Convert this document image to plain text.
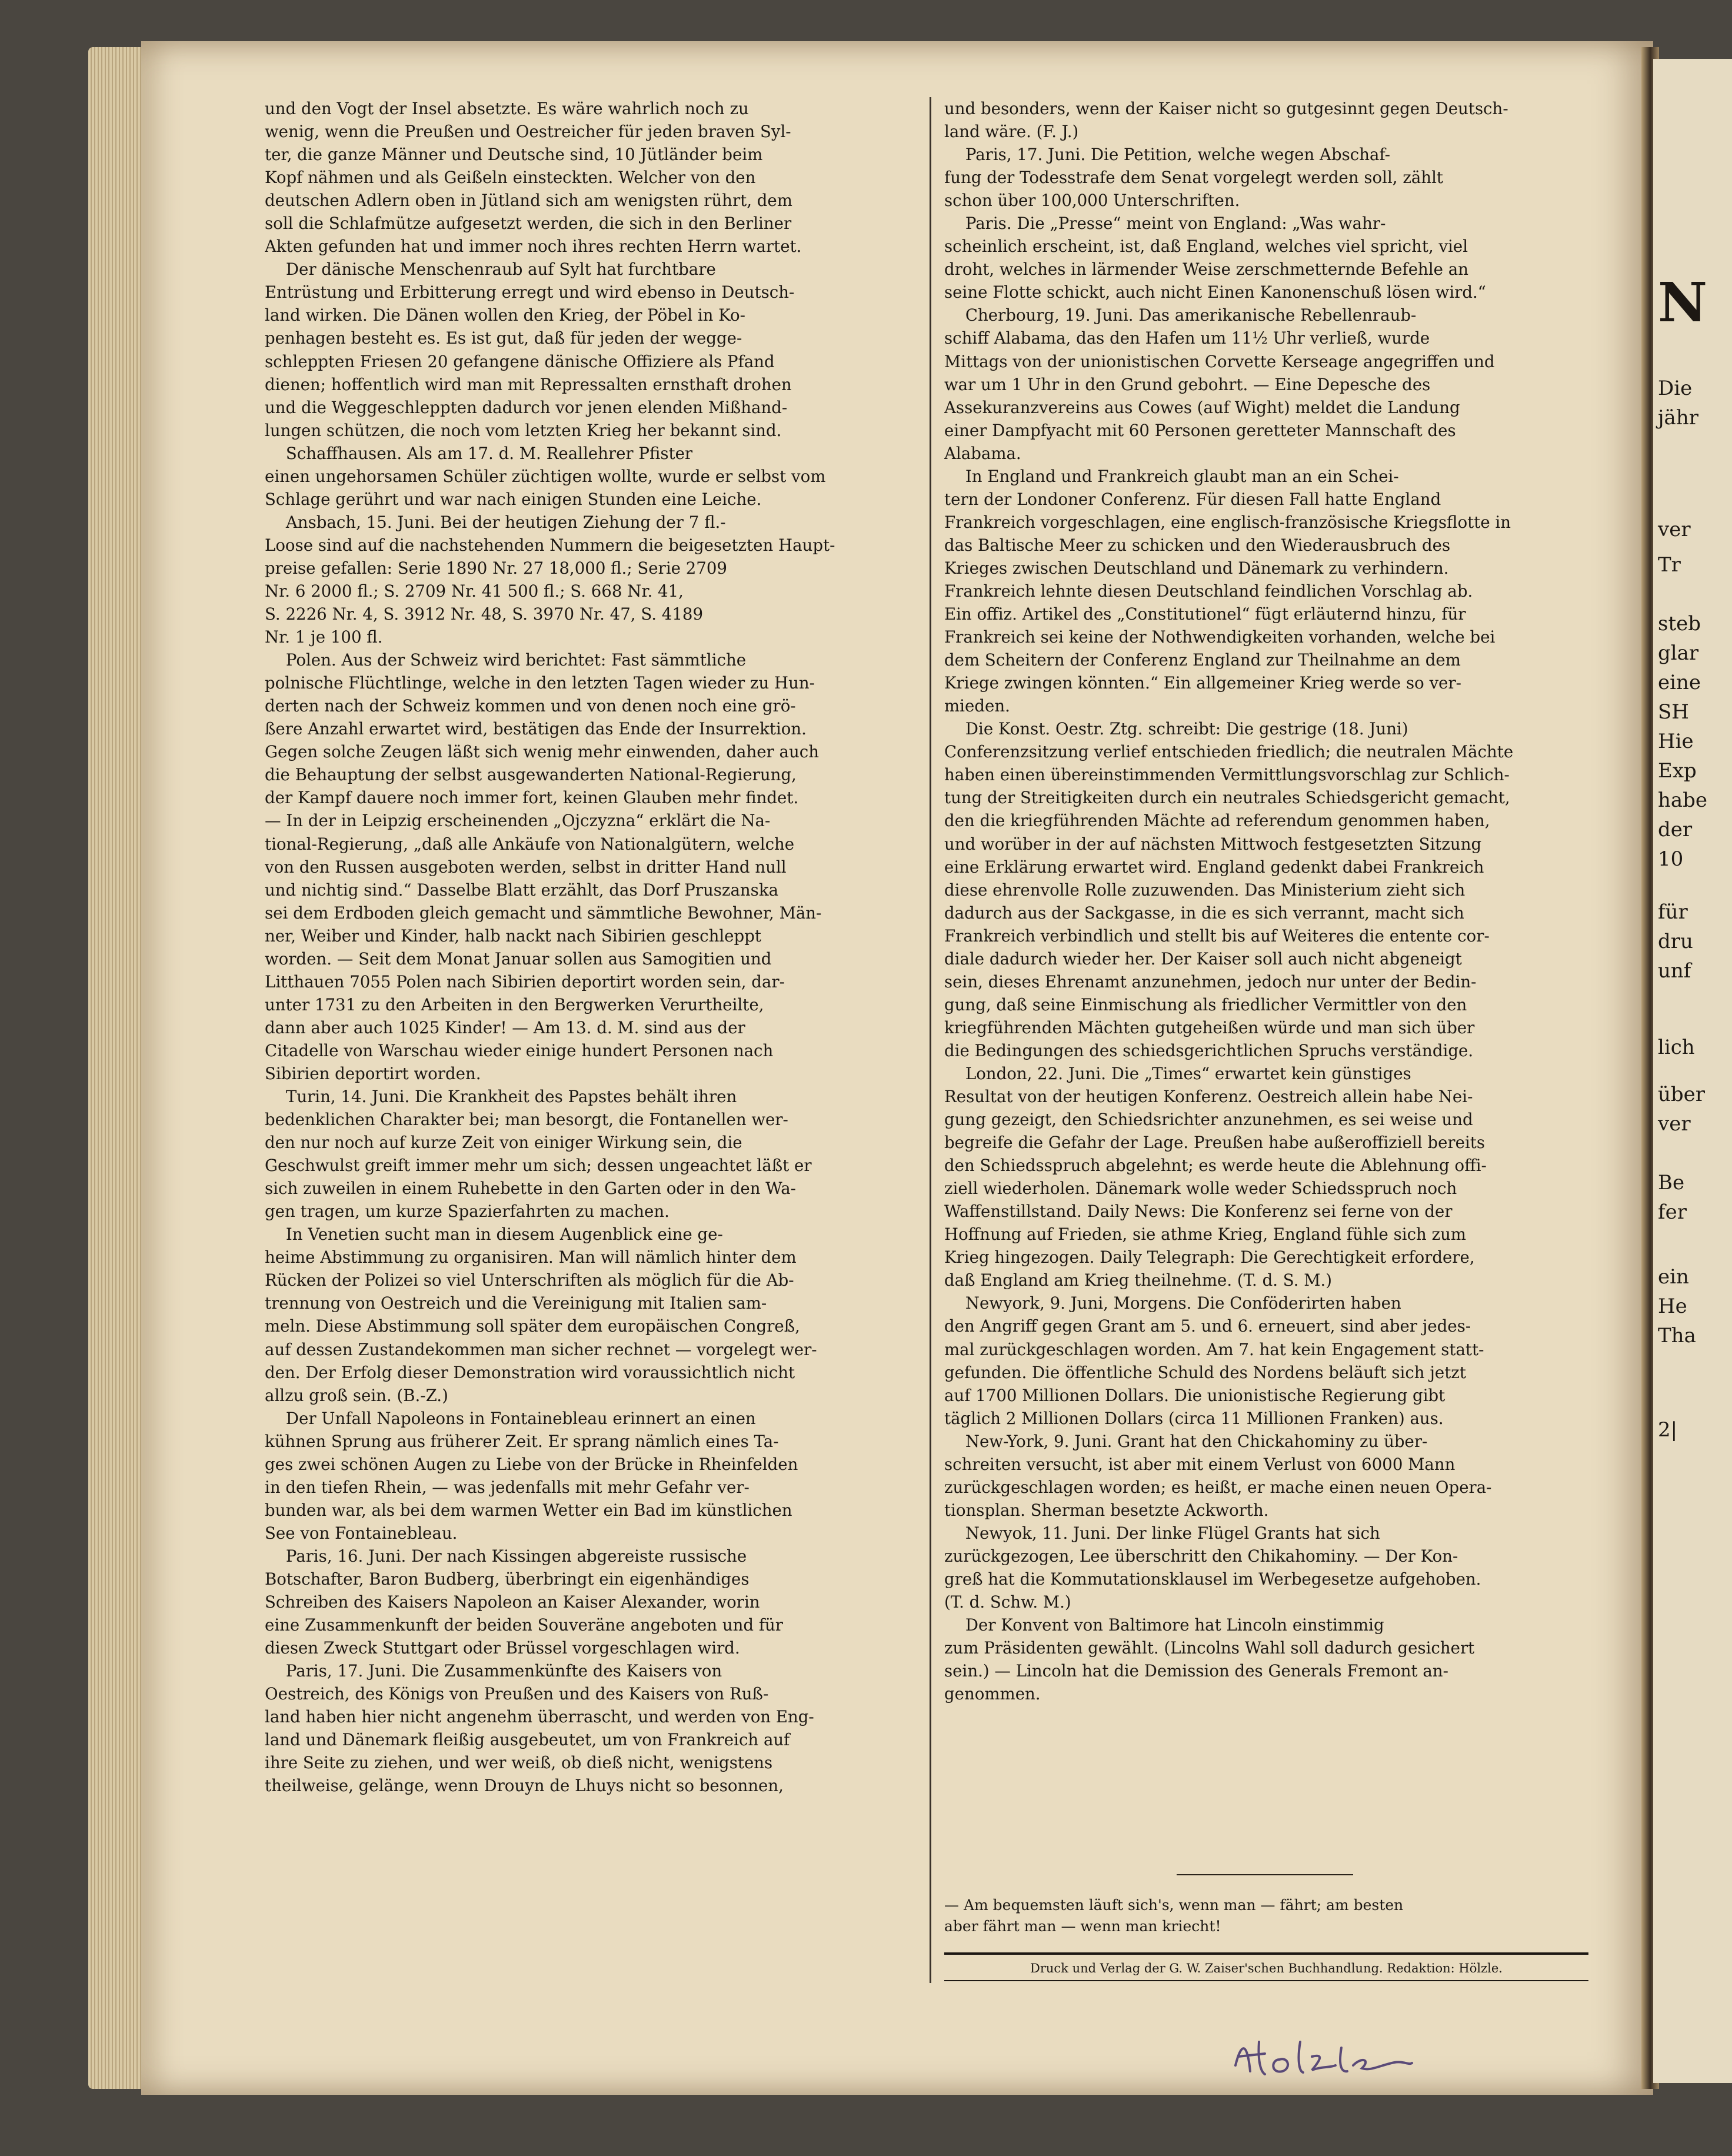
N
Die
jähr
ver
Tr
steb
glar
eine
SH
Hie
Exp
habe
der
10
für
dru
unf
lich
über
ver
Be
fer
ein
He
Tha
2|

und den Vogt der Insel absetzte. Es wäre wahrlich noch zu
wenig, wenn die Preußen und Oestreicher für jeden braven Syl-
ter, die ganze Männer und Deutsche sind, 10 Jütländer beim
Kopf nähmen und als Geißeln einsteckten. Welcher von den
deutschen Adlern oben in Jütland sich am wenigsten rührt, dem
soll die Schlafmütze aufgesetzt werden, die sich in den Berliner
Akten gefunden hat und immer noch ihres rechten Herrn wartet.

Der dänische Menschenraub auf Sylt hat furchtbare
Entrüstung und Erbitterung erregt und wird ebenso in Deutsch-
land wirken. Die Dänen wollen den Krieg, der Pöbel in Ko-
penhagen besteht es. Es ist gut, daß für jeden der wegge-
schleppten Friesen 20 gefangene dänische Offiziere als Pfand
dienen; hoffentlich wird man mit Repressalten ernsthaft drohen
und die Weggeschleppten dadurch vor jenen elenden Mißhand-
lungen schützen, die noch vom letzten Krieg her bekannt sind.

Schaffhausen. Als am 17. d. M. Reallehrer Pfister
einen ungehorsamen Schüler züchtigen wollte, wurde er selbst vom
Schlage gerührt und war nach einigen Stunden eine Leiche.

Ansbach, 15. Juni. Bei der heutigen Ziehung der 7 fl.-
Loose sind auf die nachstehenden Nummern die beigesetzten Haupt-
preise gefallen: Serie 1890 Nr. 27 18,000 fl.; Serie 2709
Nr. 6 2000 fl.; S. 2709 Nr. 41 500 fl.; S. 668 Nr. 41,
S. 2226 Nr. 4, S. 3912 Nr. 48, S. 3970 Nr. 47, S. 4189
Nr. 1 je 100 fl.

Polen. Aus der Schweiz wird berichtet: Fast sämmtliche
polnische Flüchtlinge, welche in den letzten Tagen wieder zu Hun-
derten nach der Schweiz kommen und von denen noch eine grö-
ßere Anzahl erwartet wird, bestätigen das Ende der Insurrektion.
Gegen solche Zeugen läßt sich wenig mehr einwenden, daher auch
die Behauptung der selbst ausgewanderten National-Regierung,
der Kampf dauere noch immer fort, keinen Glauben mehr findet.
— In der in Leipzig erscheinenden „Ojczyzna“ erklärt die Na-
tional-Regierung, „daß alle Ankäufe von Nationalgütern, welche
von den Russen ausgeboten werden, selbst in dritter Hand null
und nichtig sind.“ Dasselbe Blatt erzählt, das Dorf Pruszanska
sei dem Erdboden gleich gemacht und sämmtliche Bewohner, Män-
ner, Weiber und Kinder, halb nackt nach Sibirien geschleppt
worden. — Seit dem Monat Januar sollen aus Samogitien und
Litthauen 7055 Polen nach Sibirien deportirt worden sein, dar-
unter 1731 zu den Arbeiten in den Bergwerken Verurtheilte,
dann aber auch 1025 Kinder! — Am 13. d. M. sind aus der
Citadelle von Warschau wieder einige hundert Personen nach
Sibirien deportirt worden.

Turin, 14. Juni. Die Krankheit des Papstes behält ihren
bedenklichen Charakter bei; man besorgt, die Fontanellen wer-
den nur noch auf kurze Zeit von einiger Wirkung sein, die
Geschwulst greift immer mehr um sich; dessen ungeachtet läßt er
sich zuweilen in einem Ruhebette in den Garten oder in den Wa-
gen tragen, um kurze Spazierfahrten zu machen.

In Venetien sucht man in diesem Augenblick eine ge-
heime Abstimmung zu organisiren. Man will nämlich hinter dem
Rücken der Polizei so viel Unterschriften als möglich für die Ab-
trennung von Oestreich und die Vereinigung mit Italien sam-
meln. Diese Abstimmung soll später dem europäischen Congreß,
auf dessen Zustandekommen man sicher rechnet — vorgelegt wer-
den. Der Erfolg dieser Demonstration wird voraussichtlich nicht
allzu groß sein. (B.-Z.)

Der Unfall Napoleons in Fontainebleau erinnert an einen
kühnen Sprung aus früherer Zeit. Er sprang nämlich eines Ta-
ges zwei schönen Augen zu Liebe von der Brücke in Rheinfelden
in den tiefen Rhein, — was jedenfalls mit mehr Gefahr ver-
bunden war, als bei dem warmen Wetter ein Bad im künstlichen
See von Fontainebleau.

Paris, 16. Juni. Der nach Kissingen abgereiste russische
Botschafter, Baron Budberg, überbringt ein eigenhändiges
Schreiben des Kaisers Napoleon an Kaiser Alexander, worin
eine Zusammenkunft der beiden Souveräne angeboten und für
diesen Zweck Stuttgart oder Brüssel vorgeschlagen wird.

Paris, 17. Juni. Die Zusammenkünfte des Kaisers von
Oestreich, des Königs von Preußen und des Kaisers von Ruß-
land haben hier nicht angenehm überrascht, und werden von Eng-
land und Dänemark fleißig ausgebeutet, um von Frankreich auf
ihre Seite zu ziehen, und wer weiß, ob dieß nicht, wenigstens
theilweise, gelänge, wenn Drouyn de Lhuys nicht so besonnen,

und besonders, wenn der Kaiser nicht so gutgesinnt gegen Deutsch-
land wäre. (F. J.)

Paris, 17. Juni. Die Petition, welche wegen Abschaf-
fung der Todesstrafe dem Senat vorgelegt werden soll, zählt
schon über 100,000 Unterschriften.

Paris. Die „Presse“ meint von England: „Was wahr-
scheinlich erscheint, ist, daß England, welches viel spricht, viel
droht, welches in lärmender Weise zerschmetternde Befehle an
seine Flotte schickt, auch nicht Einen Kanonenschuß lösen wird.“

Cherbourg, 19. Juni. Das amerikanische Rebellenraub-
schiff Alabama, das den Hafen um 11½ Uhr verließ, wurde
Mittags von der unionistischen Corvette Kerseage angegriffen und
war um 1 Uhr in den Grund gebohrt. — Eine Depesche des
Assekuranzvereins aus Cowes (auf Wight) meldet die Landung
einer Dampfyacht mit 60 Personen geretteter Mannschaft des
Alabama.

In England und Frankreich glaubt man an ein Schei-
tern der Londoner Conferenz. Für diesen Fall hatte England
Frankreich vorgeschlagen, eine englisch-französische Kriegsflotte in
das Baltische Meer zu schicken und den Wiederausbruch des
Krieges zwischen Deutschland und Dänemark zu verhindern.
Frankreich lehnte diesen Deutschland feindlichen Vorschlag ab.
Ein offiz. Artikel des „Constitutionel“ fügt erläuternd hinzu, für
Frankreich sei keine der Nothwendigkeiten vorhanden, welche bei
dem Scheitern der Conferenz England zur Theilnahme an dem
Kriege zwingen könnten.“ Ein allgemeiner Krieg werde so ver-
mieden.

Die Konst. Oestr. Ztg. schreibt: Die gestrige (18. Juni)
Conferenzsitzung verlief entschieden friedlich; die neutralen Mächte
haben einen übereinstimmenden Vermittlungsvorschlag zur Schlich-
tung der Streitigkeiten durch ein neutrales Schiedsgericht gemacht,
den die kriegführenden Mächte ad referendum genommen haben,
und worüber in der auf nächsten Mittwoch festgesetzten Sitzung
eine Erklärung erwartet wird. England gedenkt dabei Frankreich
diese ehrenvolle Rolle zuzuwenden. Das Ministerium zieht sich
dadurch aus der Sackgasse, in die es sich verrannt, macht sich
Frankreich verbindlich und stellt bis auf Weiteres die entente cor-
diale dadurch wieder her. Der Kaiser soll auch nicht abgeneigt
sein, dieses Ehrenamt anzunehmen, jedoch nur unter der Bedin-
gung, daß seine Einmischung als friedlicher Vermittler von den
kriegführenden Mächten gutgeheißen würde und man sich über
die Bedingungen des schiedsgerichtlichen Spruchs verständige.

London, 22. Juni. Die „Times“ erwartet kein günstiges
Resultat von der heutigen Konferenz. Oestreich allein habe Nei-
gung gezeigt, den Schiedsrichter anzunehmen, es sei weise und
begreife die Gefahr der Lage. Preußen habe außeroffiziell bereits
den Schiedsspruch abgelehnt; es werde heute die Ablehnung offi-
ziell wiederholen. Dänemark wolle weder Schiedsspruch noch
Waffenstillstand. Daily News: Die Konferenz sei ferne von der
Hoffnung auf Frieden, sie athme Krieg, England fühle sich zum
Krieg hingezogen. Daily Telegraph: Die Gerechtigkeit erfordere,
daß England am Krieg theilnehme. (T. d. S. M.)

Newyork, 9. Juni, Morgens. Die Conföderirten haben
den Angriff gegen Grant am 5. und 6. erneuert, sind aber jedes-
mal zurückgeschlagen worden. Am 7. hat kein Engagement statt-
gefunden. Die öffentliche Schuld des Nordens beläuft sich jetzt
auf 1700 Millionen Dollars. Die unionistische Regierung gibt
täglich 2 Millionen Dollars (circa 11 Millionen Franken) aus.

New-York, 9. Juni. Grant hat den Chickahominy zu über-
schreiten versucht, ist aber mit einem Verlust von 6000 Mann
zurückgeschlagen worden; es heißt, er mache einen neuen Opera-
tionsplan. Sherman besetzte Ackworth.

Newyok, 11. Juni. Der linke Flügel Grants hat sich
zurückgezogen, Lee überschritt den Chikahominy. — Der Kon-
greß hat die Kommutationsklausel im Werbegesetze aufgehoben.
(T. d. Schw. M.)

Der Konvent von Baltimore hat Lincoln einstimmig
zum Präsidenten gewählt. (Lincolns Wahl soll dadurch gesichert
sein.) — Lincoln hat die Demission des Generals Fremont an-
genommen.

— Am bequemsten läuft sich's, wenn man — fährt; am besten
aber fährt man — wenn man kriecht!
Druck und Verlag der G. W. Zaiser'schen Buchhandlung. Redaktion: Hölzle.
